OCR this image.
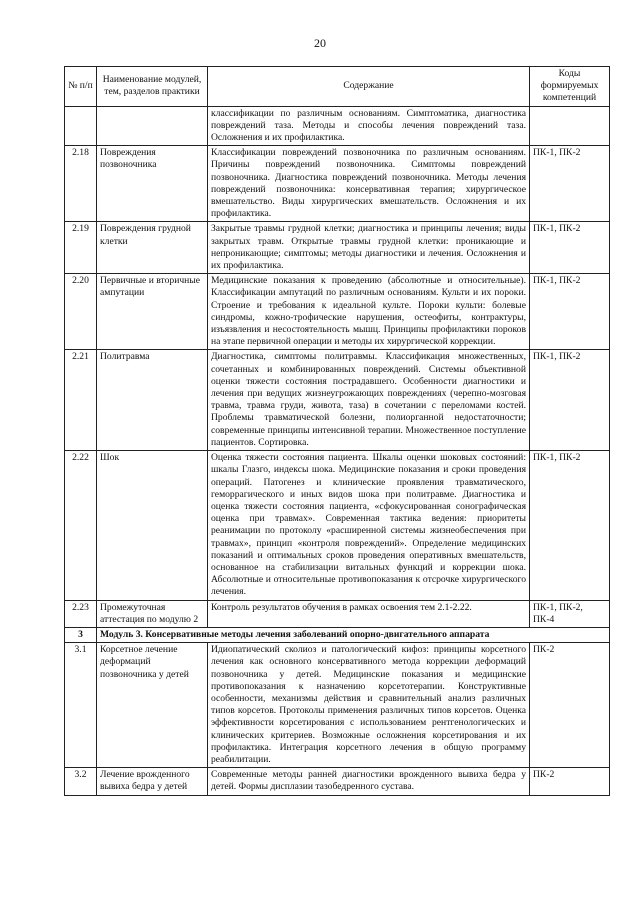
20
№ п/п	Наименование модулей, тем, разделов практики	Содержание	Коды формируемых компетенций
		классификации по различным основаниям. Симптоматика, диагностика повреждений таза. Методы и способы лечения повреждений таза. Осложнения и их профилактика.	
2.18	Повреждения позвоночника	Классификации повреждений позвоночника по различным основаниям. Причины повреждений позвоночника. Симптомы повреждений позвоночника. Диагностика повреждений позвоночника. Методы лечения повреждений позвоночника: консервативная терапия; хирургическое вмешательство. Виды хирургических вмешательств. Осложнения и их профилактика.	ПК-1, ПК-2
2.19	Повреждения грудной клетки	Закрытые травмы грудной клетки; диагностика и принципы лечения; виды закрытых травм. Открытые травмы грудной клетки: проникающие и непроникающие; симптомы; методы диагностики и лечения. Осложнения и их профилактика.	ПК-1, ПК-2
2.20	Первичные и вторичные ампутации	Медицинские показания к проведению (абсолютные и относительные). Классификации ампутаций по различным основаниям. Культи и их пороки. Строение и требования к идеальной культе. Пороки культи: болевые синдромы, кожно-трофические нарушения, остеофиты, контрактуры, изъязвления и несостоятельность мышц. Принципы профилактики пороков на этапе первичной операции и методы их хирургической коррекции.	ПК-1, ПК-2
2.21	Политравма	Диагностика, симптомы политравмы. Классификация множественных, сочетанных и комбинированных повреждений. Системы объективной оценки тяжести состояния пострадавшего. Особенности диагностики и лечения при ведущих жизнеугрожающих повреждениях (черепно-мозговая травма, травма груди, живота, таза) в сочетании с переломами костей. Проблемы травматической болезни, полиорганной недостаточности; современные принципы интенсивной терапии. Множественное поступление пациентов. Сортировка.	ПК-1, ПК-2
2.22	Шок	Оценка тяжести состояния пациента. Шкалы оценки шоковых состояний: шкалы Глазго, индексы шока. Медицинские показания и сроки проведения операций. Патогенез и клинические проявления травматического, геморрагического и иных видов шока при политравме. Диагностика и оценка тяжести состояния пациента, «сфокусированная сонографическая оценка при травмах». Современная тактика ведения: приоритеты реанимации по протоколу «расширенной системы жизнеобеспечения при травмах», принцип «контроля повреждений». Определение медицинских показаний и оптимальных сроков проведения оперативных вмешательств, основанное на стабилизации витальных функций и коррекции шока. Абсолютные и относительные противопоказания к отсрочке хирургического лечения.	ПК-1, ПК-2
2.23	Промежуточная аттестация по модулю 2	Контроль результатов обучения в рамках освоения тем 2.1-2.22.	ПК-1, ПК-2, ПК-4
3	Модуль 3. Консервативные методы лечения заболеваний опорно-двигательного аппарата		
3.1	Корсетное лечение деформаций позвоночника у детей	Идиопатический сколиоз и патологический кифоз: принципы корсетного лечения как основного консервативного метода коррекции деформаций позвоночника у детей. Медицинские показания и медицинские противопоказания к назначению корсетотерапии. Конструктивные особенности, механизмы действия и сравнительный анализ различных типов корсетов. Протоколы применения различных типов корсетов. Оценка эффективности корсетирования с использованием рентгенологических и клинических критериев. Возможные осложнения корсетирования и их профилактика. Интеграция корсетного лечения в общую программу реабилитации.	ПК-2
3.2	Лечение врожденного вывиха бедра у детей	Современные методы ранней диагностики врожденного вывиха бедра у детей. Формы дисплазии тазобедренного сустава.	ПК-2
